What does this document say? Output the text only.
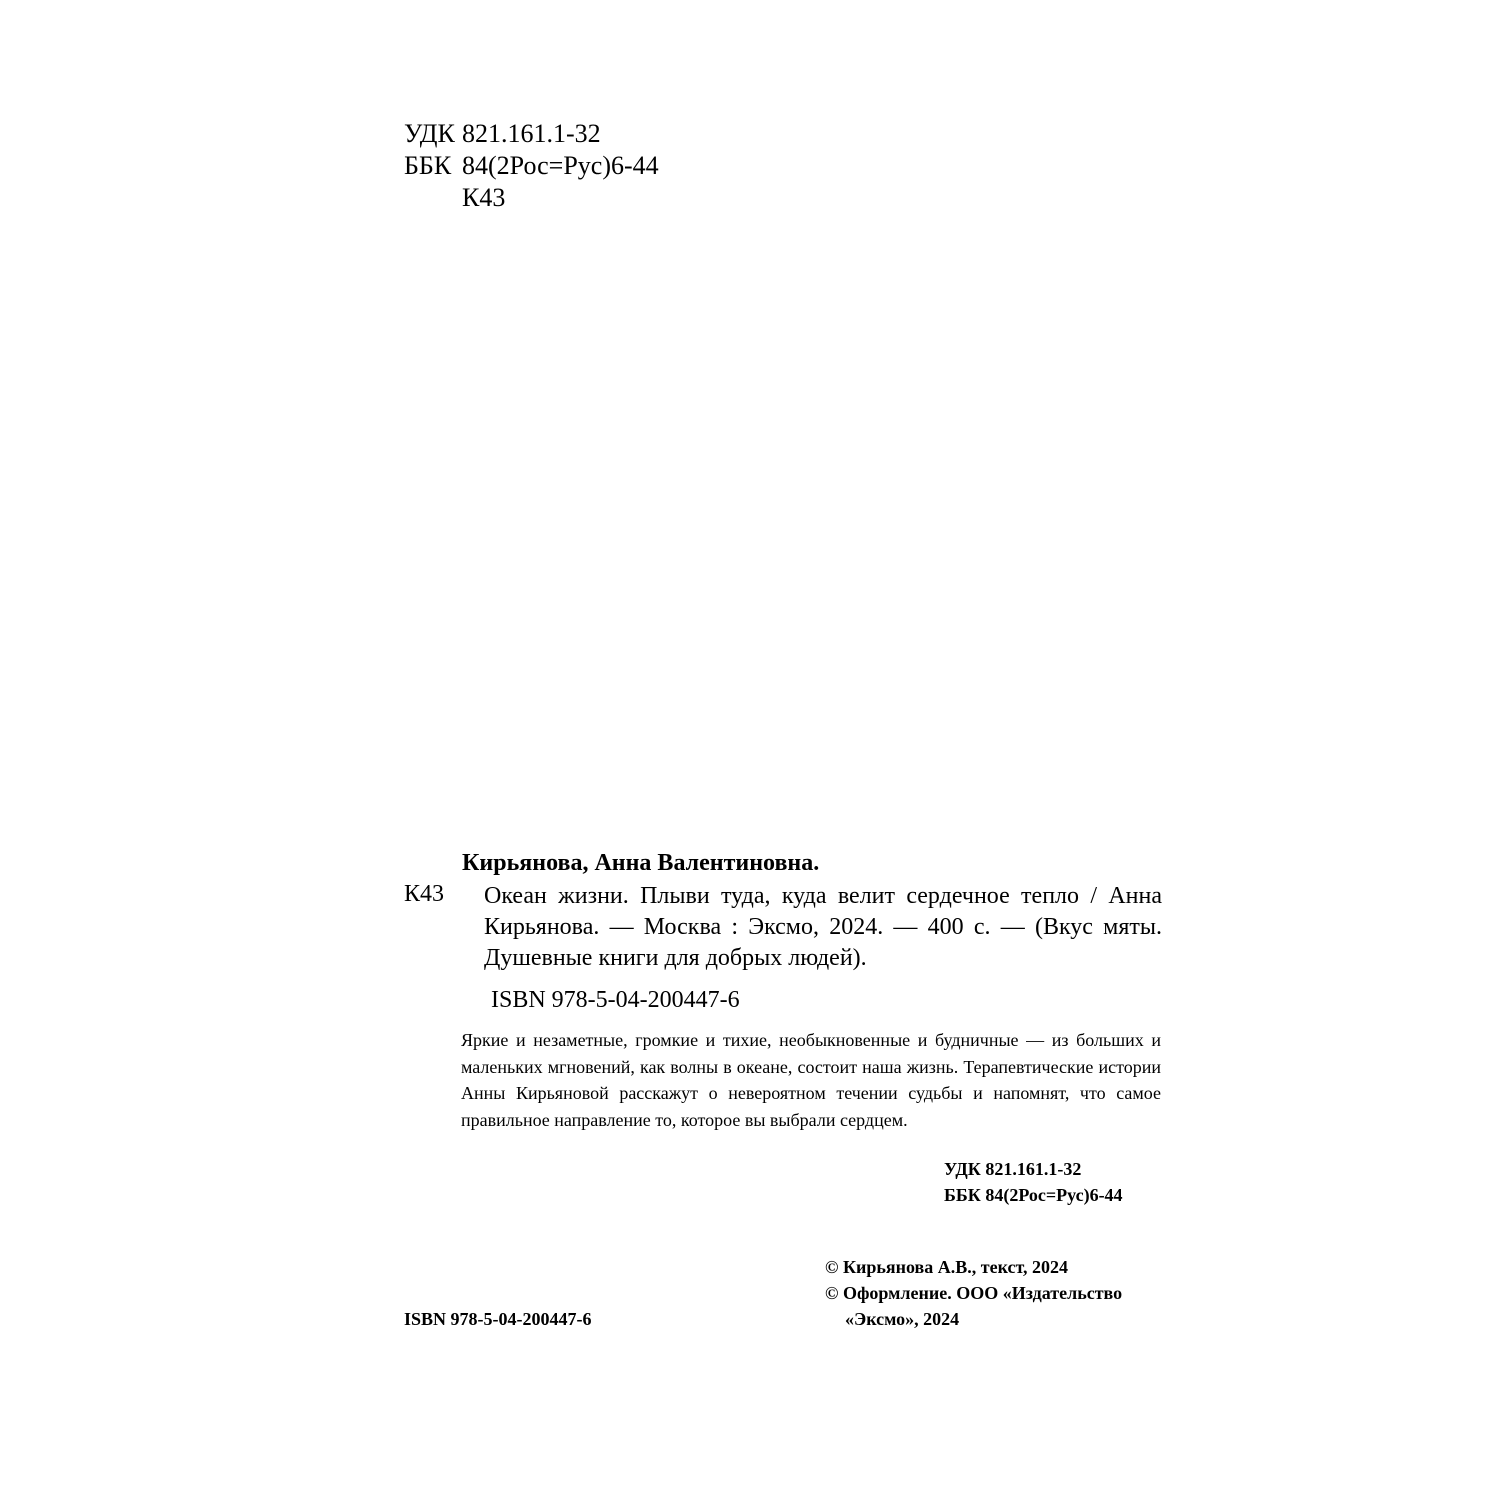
УДК 821.161.1-32
ББК 84(2Рос=Рус)6-44
К43
Кирьянова, Анна Валентиновна.
К43 Океан жизни. Плыви туда, куда велит сердечное тепло / Анна Кирьянова. — Москва : Эксмо, 2024. — 400 с. — (Вкус мяты. Душевные книги для добрых людей).
ISBN 978-5-04-200447-6
Яркие и незаметные, громкие и тихие, необыкновенные и будничные — из больших и маленьких мгновений, как волны в океане, состоит наша жизнь. Терапевтические истории Анны Кирьяновой расскажут о невероятном течении судьбы и напомнят, что самое правильное направление то, которое вы выбрали сердцем.
УДК 821.161.1-32
ББК 84(2Рос=Рус)6-44

© Кирьянова А.В., текст, 2024

© Оформление. ООО «Издательство

«Эксмо», 2024

ISBN 978-5-04-200447-6
